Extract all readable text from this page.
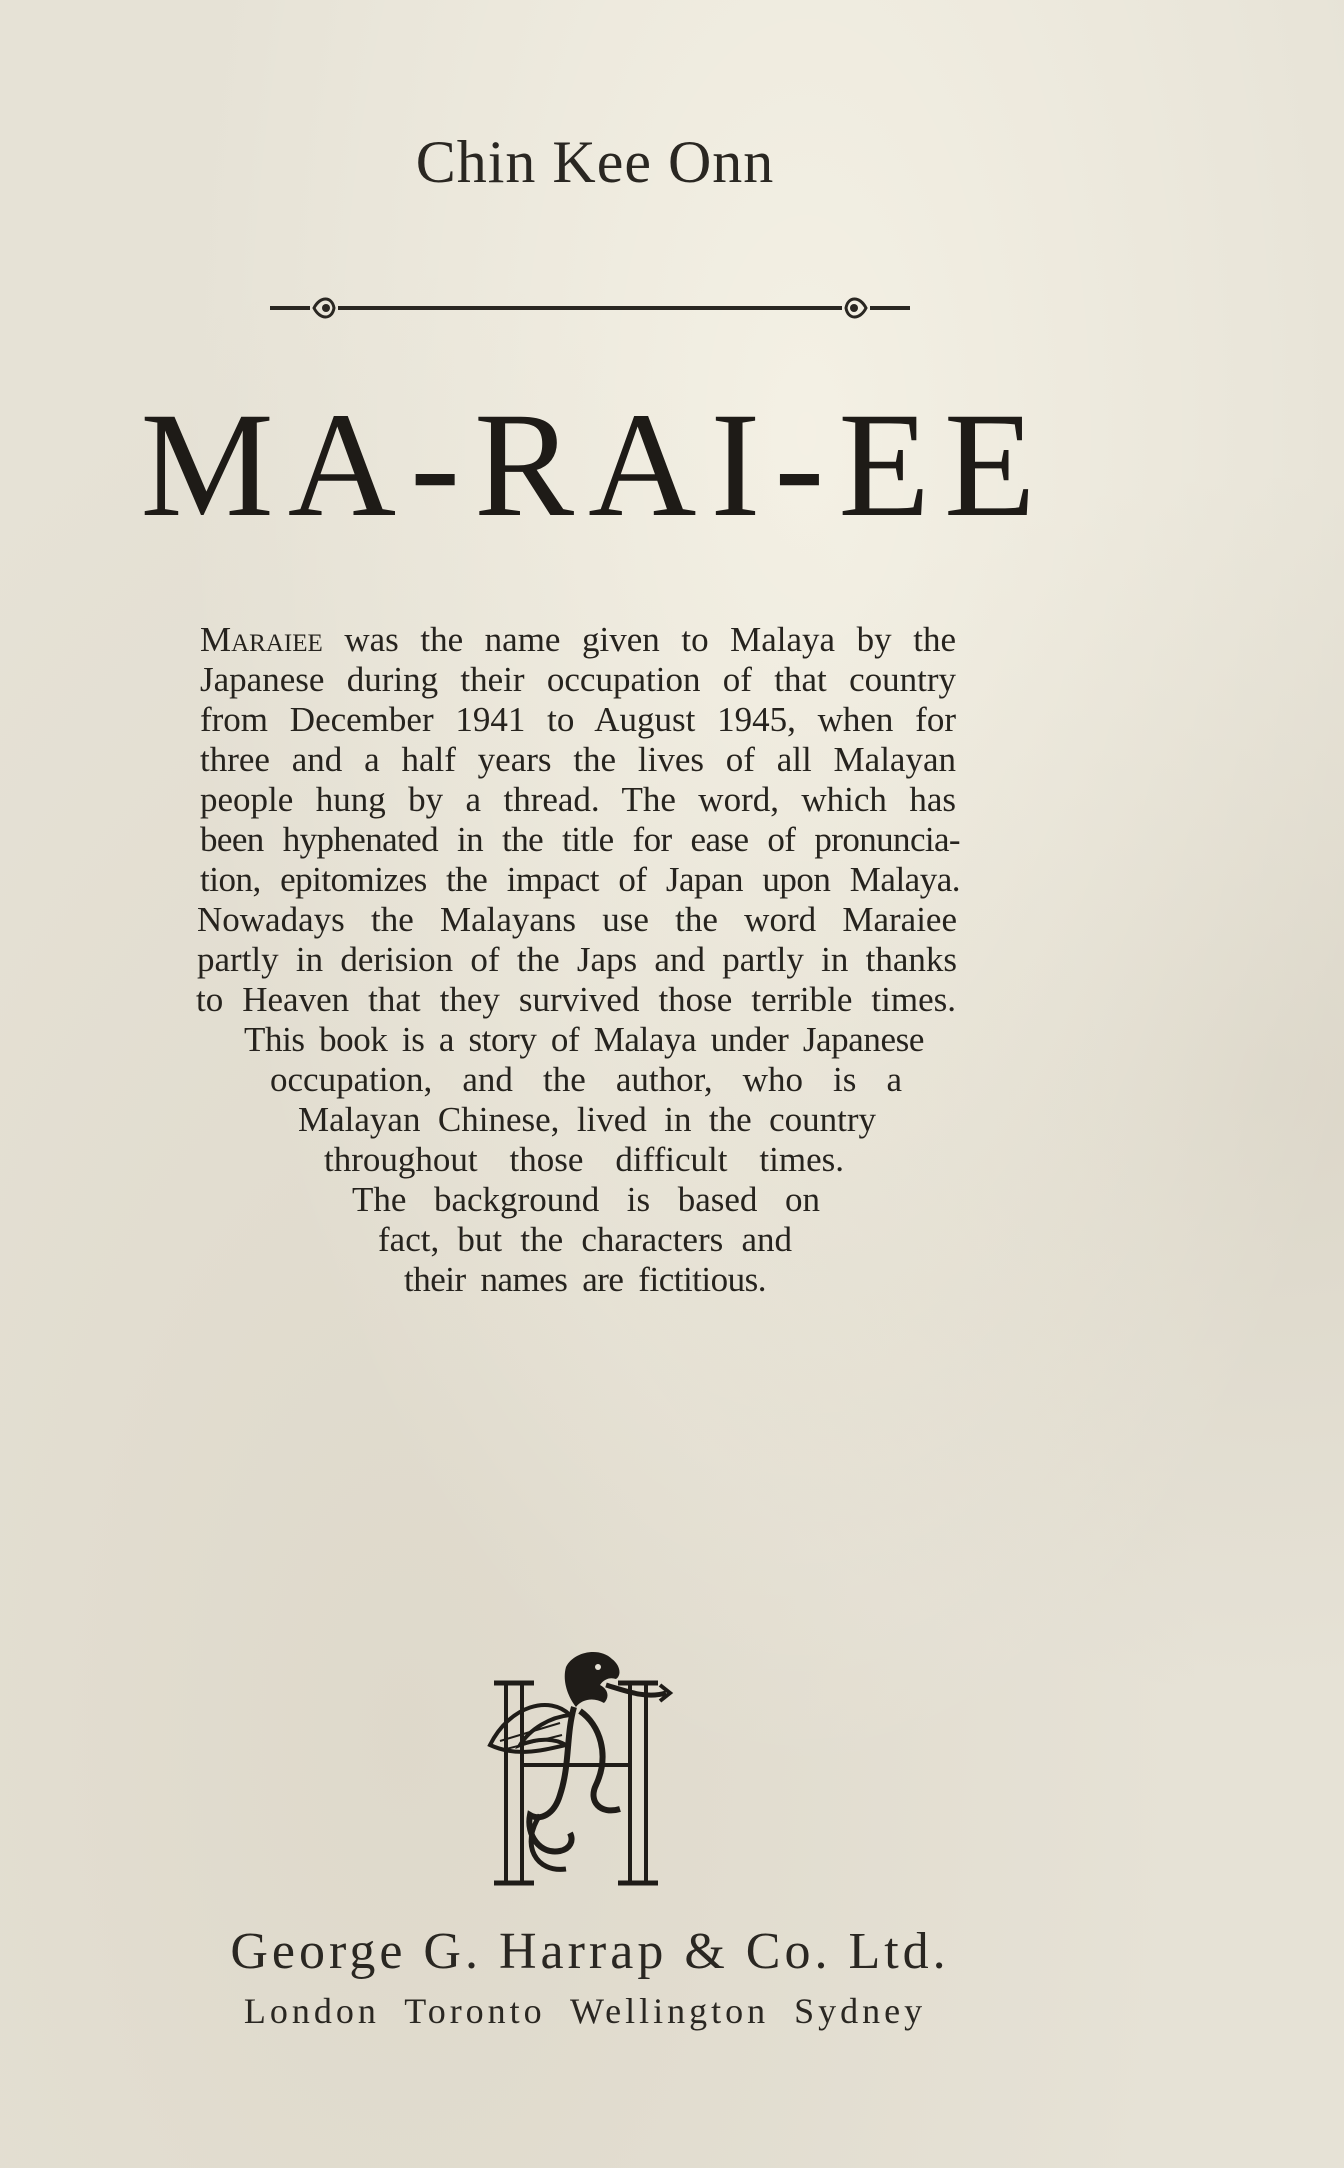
Chin Kee Onn
MA-RAI-EE
Maraiee was the name given to Malaya by the
Japanese during their occupation of that country
from December 1941 to August 1945, when for
three and a half years the lives of all Malayan
people hung by a thread. The word, which has
been hyphenated in the title for ease of pronuncia-
tion, epitomizes the impact of Japan upon Malaya.
Nowadays the Malayans use the word Maraiee
partly in derision of the Japs and partly in thanks
to Heaven that they survived those terrible times.
This book is a story of Malaya under Japanese
occupation, and the author, who is a
Malayan Chinese, lived in the country
throughout those difficult times.
The background is based on
fact, but the characters and
their names are fictitious.
George G. Harrap & Co. Ltd.
London Toronto Wellington Sydney
